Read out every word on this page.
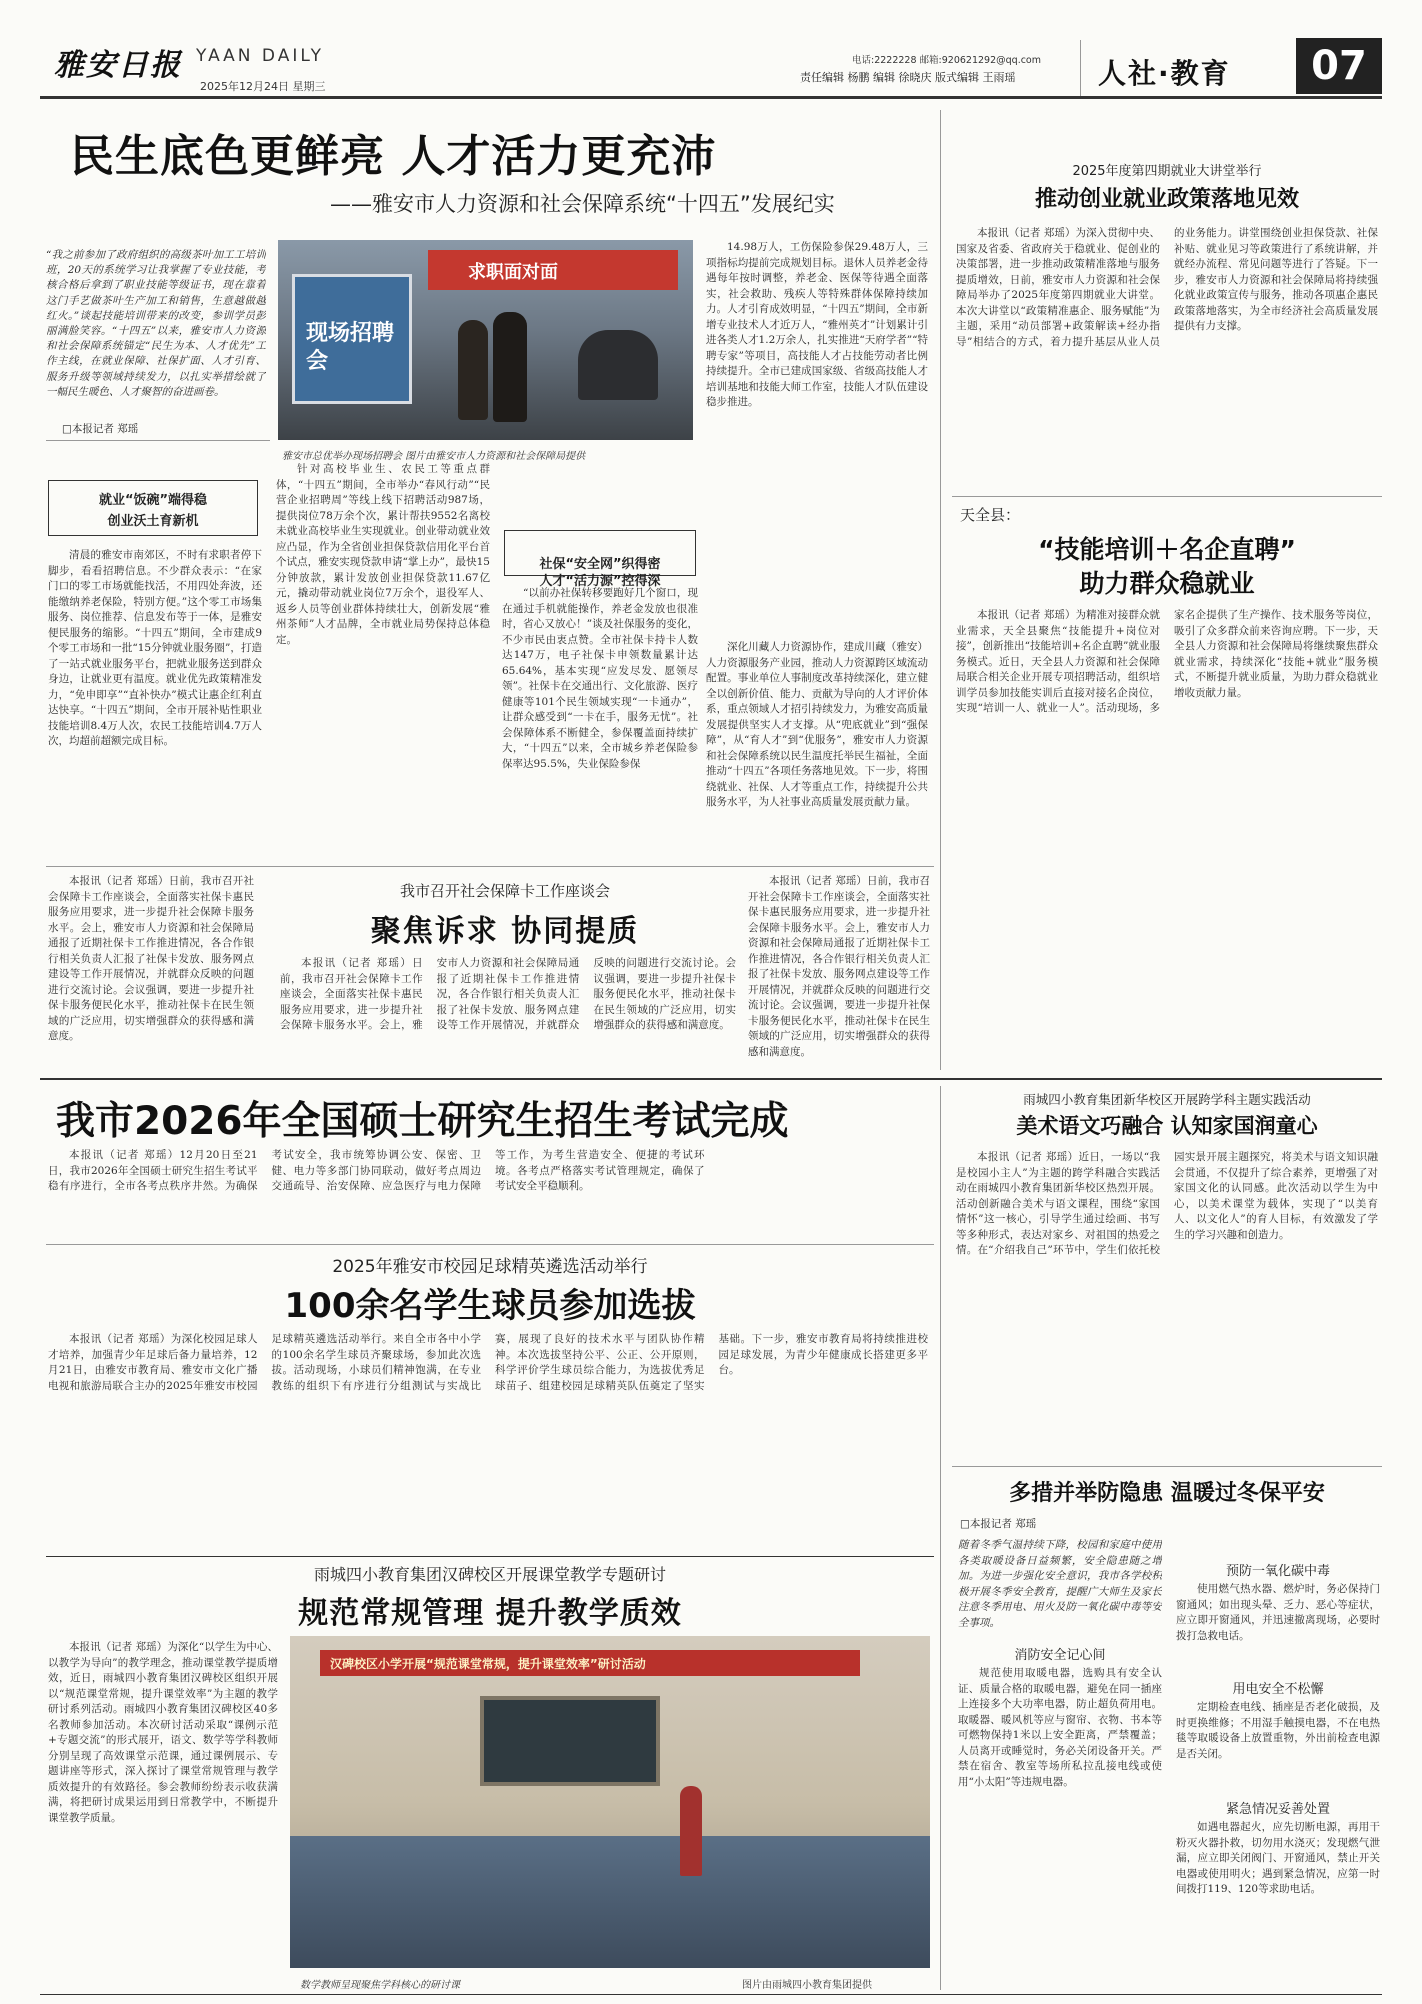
雅安日报 YAAN DAILY
2025年12月24日 星期三
电话:2222228 邮箱:920621292@qq.com
责任编辑 杨鹏 编辑 徐晓庆 版式编辑 王雨瑶	人社·教育	07
民生底色更鲜亮 人才活力更充沛
——雅安市人力资源和社会保障系统“十四五”发展纪实
“我之前参加了政府组织的高级茶叶加工工培训班，20天的系统学习让我掌握了专业技能，考核合格后拿到了职业技能等级证书，现在靠着这门手艺做茶叶生产加工和销售，生意越做越红火。”谈起技能培训带来的改变，参训学员彭丽满脸笑容。“十四五”以来，雅安市人力资源和社会保障系统锚定“民生为本、人才优先”工作主线，在就业保障、社保扩面、人才引育、服务升级等领域持续发力，以扎实举措绘就了一幅民生暖色、人才聚智的奋进画卷。
□本报记者 郑瑶
现场招聘会
求职面对面
雅安市总优举办现场招聘会 图片由雅安市人力资源和社会保障局提供
就业“饭碗”端得稳
创业沃土育新机

清晨的雅安市南郊区，不时有求职者停下脚步，看看招聘信息。不少群众表示：“在家门口的零工市场就能找活，不用四处奔波，还能缴纳养老保险，特别方便。”这个零工市场集服务、岗位推荐、信息发布等于一体，是雅安便民服务的缩影。“十四五”期间，全市建成9个零工市场和一批“15分钟就业服务圈”，打造了一站式就业服务平台，把就业服务送到群众身边，让就业更有温度。就业优先政策精准发力，“免申即享”“直补快办”模式让惠企红利直达快享。“十四五”期间，全市开展补贴性职业技能培训8.4万人次，农民工技能培训4.7万人次，均超前超额完成目标。

针对高校毕业生、农民工等重点群体，“十四五”期间，全市举办“春风行动”“民营企业招聘周”等线上线下招聘活动987场，提供岗位78万余个次，累计帮扶9552名离校未就业高校毕业生实现就业。创业带动就业效应凸显，作为全省创业担保贷款信用化平台首个试点，雅安实现贷款申请“掌上办”，最快15分钟放款，累计发放创业担保贷款11.67亿元，撬动带动就业岗位7万余个，退役军人、返乡人员等创业群体持续壮大，创新发展“雅州茶师”人才品牌，全市就业局势保持总体稳定。

社保“安全网”织得密
人才“活力源”控得深

“以前办社保转移要跑好几个窗口，现在通过手机就能操作，养老金发放也很准时，省心又放心！”谈及社保服务的变化，不少市民由衷点赞。全市社保卡持卡人数达147万，电子社保卡申领数量累计达65.64%，基本实现“应发尽发、愿领尽领”。社保卡在交通出行、文化旅游、医疗健康等101个民生领域实现“一卡通办”，让群众感受到“一卡在手，服务无忧”。社会保障体系不断健全，参保覆盖面持续扩大，“十四五”以来，全市城乡养老保险参保率达95.5%，失业保险参保

14.98万人，工伤保险参保29.48万人，三项指标均提前完成规划目标。退休人员养老金待遇每年按时调整，养老金、医保等待遇全面落实，社会救助、残疾人等特殊群体保障持续加力。人才引育成效明显，“十四五”期间，全市新增专业技术人才近万人，“雅州英才”计划累计引进各类人才1.2万余人，扎实推进“天府学者”“特聘专家”等项目，高技能人才占技能劳动者比例持续提升。全市已建成国家级、省级高技能人才培训基地和技能大师工作室，技能人才队伍建设稳步推进。

深化川藏人力资源协作，建成川藏（雅安）人力资源服务产业园，推动人力资源跨区域流动配置。事业单位人事制度改革持续深化，建立健全以创新价值、能力、贡献为导向的人才评价体系，重点领域人才招引持续发力，为雅安高质量发展提供坚实人才支撑。从“兜底就业”到“强保障”，从“育人才”到“优服务”，雅安市人力资源和社会保障系统以民生温度托举民生福祉，全面推动“十四五”各项任务落地见效。下一步，将围绕就业、社保、人才等重点工作，持续提升公共服务水平，为人社事业高质量发展贡献力量。

本报讯（记者 郑瑶）日前，我市召开社会保障卡工作座谈会，全面落实社保卡惠民服务应用要求，进一步提升社会保障卡服务水平。会上，雅安市人力资源和社会保障局通报了近期社保卡工作推进情况，各合作银行相关负责人汇报了社保卡发放、服务网点建设等工作开展情况，并就群众反映的问题进行交流讨论。会议强调，要进一步提升社保卡服务便民化水平，推动社保卡在民生领域的广泛应用，切实增强群众的获得感和满意度。

我市召开社会保障卡工作座谈会
聚焦诉求 协同提质

本报讯（记者 郑瑶）日前，我市召开社会保障卡工作座谈会，全面落实社保卡惠民服务应用要求，进一步提升社会保障卡服务水平。会上，雅安市人力资源和社会保障局通报了近期社保卡工作推进情况，各合作银行相关负责人汇报了社保卡发放、服务网点建设等工作开展情况，并就群众反映的问题进行交流讨论。会议强调，要进一步提升社保卡服务便民化水平，推动社保卡在民生领域的广泛应用，切实增强群众的获得感和满意度。

本报讯（记者 郑瑶）日前，我市召开社会保障卡工作座谈会，全面落实社保卡惠民服务应用要求，进一步提升社会保障卡服务水平。会上，雅安市人力资源和社会保障局通报了近期社保卡工作推进情况，各合作银行相关负责人汇报了社保卡发放、服务网点建设等工作开展情况，并就群众反映的问题进行交流讨论。会议强调，要进一步提升社保卡服务便民化水平，推动社保卡在民生领域的广泛应用，切实增强群众的获得感和满意度。

2025年度第四期就业大讲堂举行
推动创业就业政策落地见效

本报讯（记者 郑瑶）为深入贯彻中央、国家及省委、省政府关于稳就业、促创业的决策部署，进一步推动政策精准落地与服务提质增效，日前，雅安市人力资源和社会保障局举办了2025年度第四期就业大讲堂。本次大讲堂以“政策精准惠企、服务赋能”为主题，采用“动员部署+政策解读+经办指导”相结合的方式，着力提升基层从业人员的业务能力。讲堂围绕创业担保贷款、社保补贴、就业见习等政策进行了系统讲解，并就经办流程、常见问题等进行了答疑。下一步，雅安市人力资源和社会保障局将持续强化就业政策宣传与服务，推动各项惠企惠民政策落地落实，为全市经济社会高质量发展提供有力支撑。

天全县：
“技能培训＋名企直聘”
助力群众稳就业

本报讯（记者 郑瑶）为精准对接群众就业需求，天全县聚焦“技能提升+岗位对接”，创新推出“技能培训+名企直聘”就业服务模式。近日，天全县人力资源和社会保障局联合相关企业开展专项招聘活动，组织培训学员参加技能实训后直接对接名企岗位，实现“培训一人、就业一人”。活动现场，多家名企提供了生产操作、技术服务等岗位，吸引了众多群众前来咨询应聘。下一步，天全县人力资源和社会保障局将继续聚焦群众就业需求，持续深化“技能+就业”服务模式，不断提升就业质量，为助力群众稳就业增收贡献力量。

我市2026年全国硕士研究生招生考试完成

本报讯（记者 郑瑶）12月20日至21日，我市2026年全国硕士研究生招生考试平稳有序进行，全市各考点秩序井然。为确保考试安全，我市统筹协调公安、保密、卫健、电力等多部门协同联动，做好考点周边交通疏导、治安保障、应急医疗与电力保障等工作，为考生营造安全、便捷的考试环境。各考点严格落实考试管理规定，确保了考试安全平稳顺利。

2025年雅安市校园足球精英遴选活动举行
100余名学生球员参加选拔

本报讯（记者 郑瑶）为深化校园足球人才培养，加强青少年足球后备力量培养，12月21日，由雅安市教育局、雅安市文化广播电视和旅游局联合主办的2025年雅安市校园足球精英遴选活动举行。来自全市各中小学的100余名学生球员齐聚球场，参加此次选拔。活动现场，小球员们精神饱满，在专业教练的组织下有序进行分组测试与实战比赛，展现了良好的技术水平与团队协作精神。本次选拔坚持公平、公正、公开原则，科学评价学生球员综合能力，为选拔优秀足球苗子、组建校园足球精英队伍奠定了坚实基础。下一步，雅安市教育局将持续推进校园足球发展，为青少年健康成长搭建更多平台。

雨城四小教育集团汉碑校区开展课堂教学专题研讨
规范常规管理 提升教学质效

本报讯（记者 郑瑶）为深化“以学生为中心、以教学为导向”的教学理念，推动课堂教学提质增效，近日，雨城四小教育集团汉碑校区组织开展以“规范课堂常规，提升课堂效率”为主题的教学研讨系列活动。雨城四小教育集团汉碑校区40多名教师参加活动。本次研讨活动采取“课例示范+专题交流”的形式展开，语文、数学等学科教师分别呈现了高效课堂示范课，通过课例展示、专题讲座等形式，深入探讨了课堂常规管理与教学质效提升的有效路径。参会教师纷纷表示收获满满，将把研讨成果运用到日常教学中，不断提升课堂教学质量。

汉碑校区小学开展“规范课堂常规，提升课堂效率”研讨活动
数学教师呈现聚焦学科核心的研讨课	图片由雨城四小教育集团提供
雨城四小教育集团新华校区开展跨学科主题实践活动
美术语文巧融合 认知家国润童心

本报讯（记者 郑瑶）近日，一场以“我是校园小主人”为主题的跨学科融合实践活动在雨城四小教育集团新华校区热烈开展。活动创新融合美术与语文课程，围绕“家国情怀”这一核心，引导学生通过绘画、书写等多种形式，表达对家乡、对祖国的热爱之情。在“介绍我自己”环节中，学生们依托校园实景开展主题探究，将美术与语文知识融会贯通，不仅提升了综合素养，更增强了对家国文化的认同感。此次活动以学生为中心，以美术课堂为载体，实现了“以美育人、以文化人”的育人目标，有效激发了学生的学习兴趣和创造力。

多措并举防隐患 温暖过冬保平安
□本报记者 郑瑶
随着冬季气温持续下降，校园和家庭中使用各类取暖设备日益频繁，安全隐患随之增加。为进一步强化安全意识，我市各学校积极开展冬季安全教育，提醒广大师生及家长注意冬季用电、用火及防一氧化碳中毒等安全事项。
消防安全记心间

规范使用取暖电器，选购具有安全认证、质量合格的取暖电器，避免在同一插座上连接多个大功率电器，防止超负荷用电。取暖器、暖风机等应与窗帘、衣物、书本等可燃物保持1米以上安全距离，严禁覆盖；人员离开或睡觉时，务必关闭设备开关。严禁在宿舍、教室等场所私拉乱接电线或使用“小太阳”等违规电器。

预防一氧化碳中毒

使用燃气热水器、燃炉时，务必保持门窗通风；如出现头晕、乏力、恶心等症状，应立即开窗通风，并迅速撤离现场，必要时拨打急救电话。

用电安全不松懈

定期检查电线、插座是否老化破损，及时更换维修；不用湿手触摸电器，不在电热毯等取暖设备上放置重物，外出前检查电源是否关闭。

紧急情况妥善处置

如遇电器起火，应先切断电源，再用干粉灭火器扑救，切勿用水浇灭；发现燃气泄漏，应立即关闭阀门、开窗通风，禁止开关电器或使用明火；遇到紧急情况，应第一时间拨打119、120等求助电话。
